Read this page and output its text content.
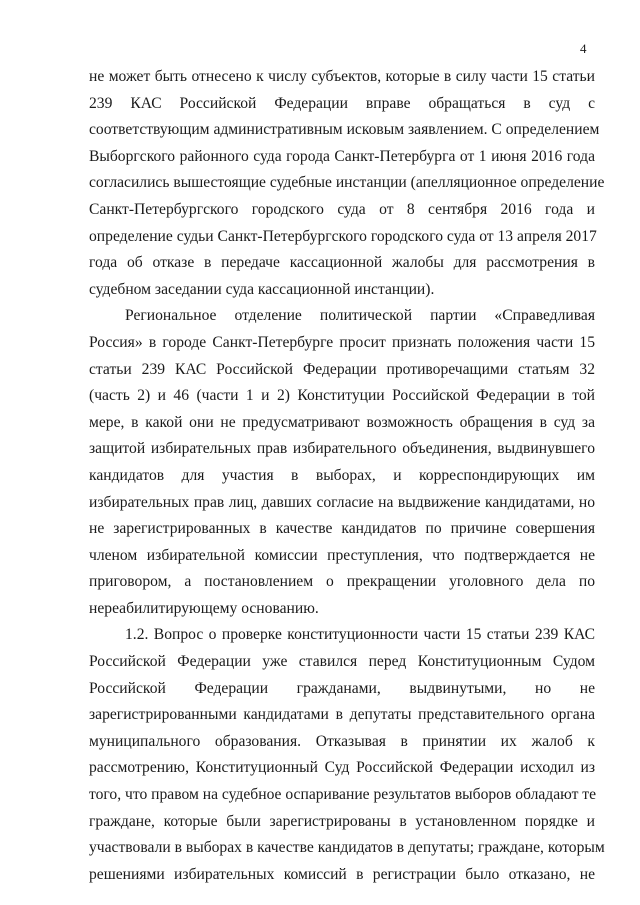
4
не может быть отнесено к числу субъектов, которые в силу части 15 статьи
239 КАС Российской Федерации вправе обращаться в суд с
соответствующим административным исковым заявлением. С определением
Выборгского районного суда города Санкт-Петербурга от 1 июня 2016 года
согласились вышестоящие судебные инстанции (апелляционное определение
Санкт-Петербургского городского суда от 8 сентября 2016 года и
определение судьи Санкт-Петербургского городского суда от 13 апреля 2017
года об отказе в передаче кассационной жалобы для рассмотрения в
судебном заседании суда кассационной инстанции).
Региональное отделение политической партии «Справедливая
Россия» в городе Санкт-Петербурге просит признать положения части 15
статьи 239 КАС Российской Федерации противоречащими статьям 32
(часть 2) и 46 (части 1 и 2) Конституции Российской Федерации в той
мере, в какой они не предусматривают возможность обращения в суд за
защитой избирательных прав избирательного объединения, выдвинувшего
кандидатов для участия в выборах, и корреспондирующих им
избирательных прав лиц, давших согласие на выдвижение кандидатами, но
не зарегистрированных в качестве кандидатов по причине совершения
членом избирательной комиссии преступления, что подтверждается не
приговором, а постановлением о прекращении уголовного дела по
нереабилитирующему основанию.
1.2. Вопрос о проверке конституционности части 15 статьи 239 КАС
Российской Федерации уже ставился перед Конституционным Судом
Российской Федерации гражданами, выдвинутыми, но не
зарегистрированными кандидатами в депутаты представительного органа
муниципального образования. Отказывая в принятии их жалоб к
рассмотрению, Конституционный Суд Российской Федерации исходил из
того, что правом на судебное оспаривание результатов выборов обладают те
граждане, которые были зарегистрированы в установленном порядке и
участвовали в выборах в качестве кандидатов в депутаты; граждане, которым
решениями избирательных комиссий в регистрации было отказано, не
